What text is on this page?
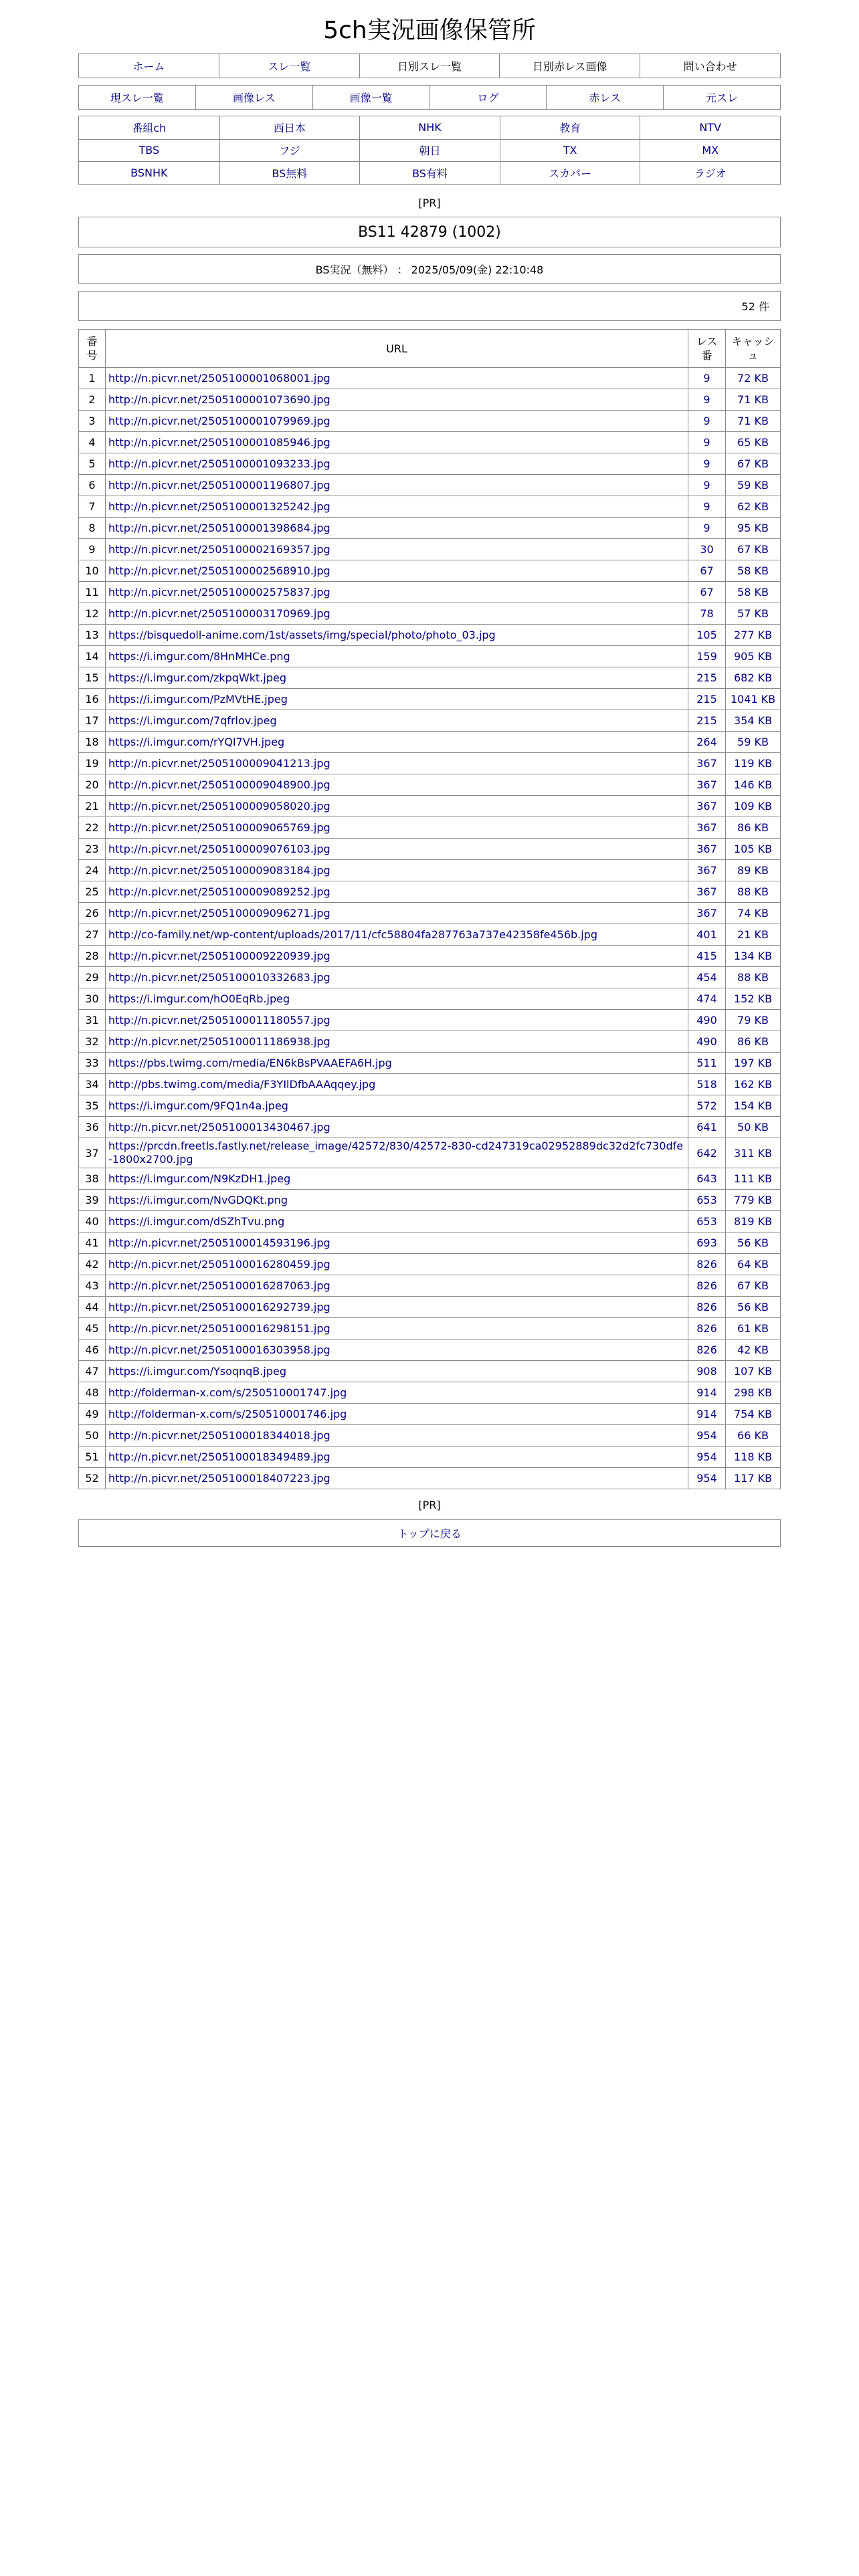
5ch実況画像保管所
ホーム	スレ一覧	日別スレ一覧	日別赤レス画像	問い合わせ
現スレ一覧	画像レス	画像一覧	ログ	赤レス	元スレ
番組ch	西日本	NHK	教育	NTV
TBS	フジ	朝日	TX	MX
BSNHK	BS無料	BS有料	スカパー	ラジオ
[PR]
BS11 42879 (1002)
BS実況（無料） ： 2025/05/09(金) 22:10:48
52 件
番号	URL	レス番	キャッシュ
1	http://n.picvr.net/2505100001068001.jpg	9	72 KB
2	http://n.picvr.net/2505100001073690.jpg	9	71 KB
3	http://n.picvr.net/2505100001079969.jpg	9	71 KB
4	http://n.picvr.net/2505100001085946.jpg	9	65 KB
5	http://n.picvr.net/2505100001093233.jpg	9	67 KB
6	http://n.picvr.net/2505100001196807.jpg	9	59 KB
7	http://n.picvr.net/2505100001325242.jpg	9	62 KB
8	http://n.picvr.net/2505100001398684.jpg	9	95 KB
9	http://n.picvr.net/2505100002169357.jpg	30	67 KB
10	http://n.picvr.net/2505100002568910.jpg	67	58 KB
11	http://n.picvr.net/2505100002575837.jpg	67	58 KB
12	http://n.picvr.net/2505100003170969.jpg	78	57 KB
13	https://bisquedoll-anime.com/1st/assets/img/special/photo/photo_03.jpg	105	277 KB
14	https://i.imgur.com/8HnMHCe.png	159	905 KB
15	https://i.imgur.com/zkpqWkt.jpeg	215	682 KB
16	https://i.imgur.com/PzMVtHE.jpeg	215	1041 KB
17	https://i.imgur.com/7qfrlov.jpeg	215	354 KB
18	https://i.imgur.com/rYQI7VH.jpeg	264	59 KB
19	http://n.picvr.net/2505100009041213.jpg	367	119 KB
20	http://n.picvr.net/2505100009048900.jpg	367	146 KB
21	http://n.picvr.net/2505100009058020.jpg	367	109 KB
22	http://n.picvr.net/2505100009065769.jpg	367	86 KB
23	http://n.picvr.net/2505100009076103.jpg	367	105 KB
24	http://n.picvr.net/2505100009083184.jpg	367	89 KB
25	http://n.picvr.net/2505100009089252.jpg	367	88 KB
26	http://n.picvr.net/2505100009096271.jpg	367	74 KB
27	http://co-family.net/wp-content/uploads/2017/11/cfc58804fa287763a737e42358fe456b.jpg	401	21 KB
28	http://n.picvr.net/2505100009220939.jpg	415	134 KB
29	http://n.picvr.net/2505100010332683.jpg	454	88 KB
30	https://i.imgur.com/hO0EqRb.jpeg	474	152 KB
31	http://n.picvr.net/2505100011180557.jpg	490	79 KB
32	http://n.picvr.net/2505100011186938.jpg	490	86 KB
33	https://pbs.twimg.com/media/EN6kBsPVAAEFA6H.jpg	511	197 KB
34	http://pbs.twimg.com/media/F3YIlDfbAAAqqey.jpg	518	162 KB
35	https://i.imgur.com/9FQ1n4a.jpeg	572	154 KB
36	http://n.picvr.net/2505100013430467.jpg	641	50 KB
37	https://prcdn.freetls.fastly.net/release_image/42572/830/42572-830-cd247319ca02952889dc32d2fc730dfe-1800x2700.jpg	642	311 KB
38	https://i.imgur.com/N9KzDH1.jpeg	643	111 KB
39	https://i.imgur.com/NvGDQKt.png	653	779 KB
40	https://i.imgur.com/dSZhTvu.png	653	819 KB
41	http://n.picvr.net/2505100014593196.jpg	693	56 KB
42	http://n.picvr.net/2505100016280459.jpg	826	64 KB
43	http://n.picvr.net/2505100016287063.jpg	826	67 KB
44	http://n.picvr.net/2505100016292739.jpg	826	56 KB
45	http://n.picvr.net/2505100016298151.jpg	826	61 KB
46	http://n.picvr.net/2505100016303958.jpg	826	42 KB
47	https://i.imgur.com/YsoqnqB.jpeg	908	107 KB
48	http://folderman-x.com/s/250510001747.jpg	914	298 KB
49	http://folderman-x.com/s/250510001746.jpg	914	754 KB
50	http://n.picvr.net/2505100018344018.jpg	954	66 KB
51	http://n.picvr.net/2505100018349489.jpg	954	118 KB
52	http://n.picvr.net/2505100018407223.jpg	954	117 KB
[PR]
トップに戻る
